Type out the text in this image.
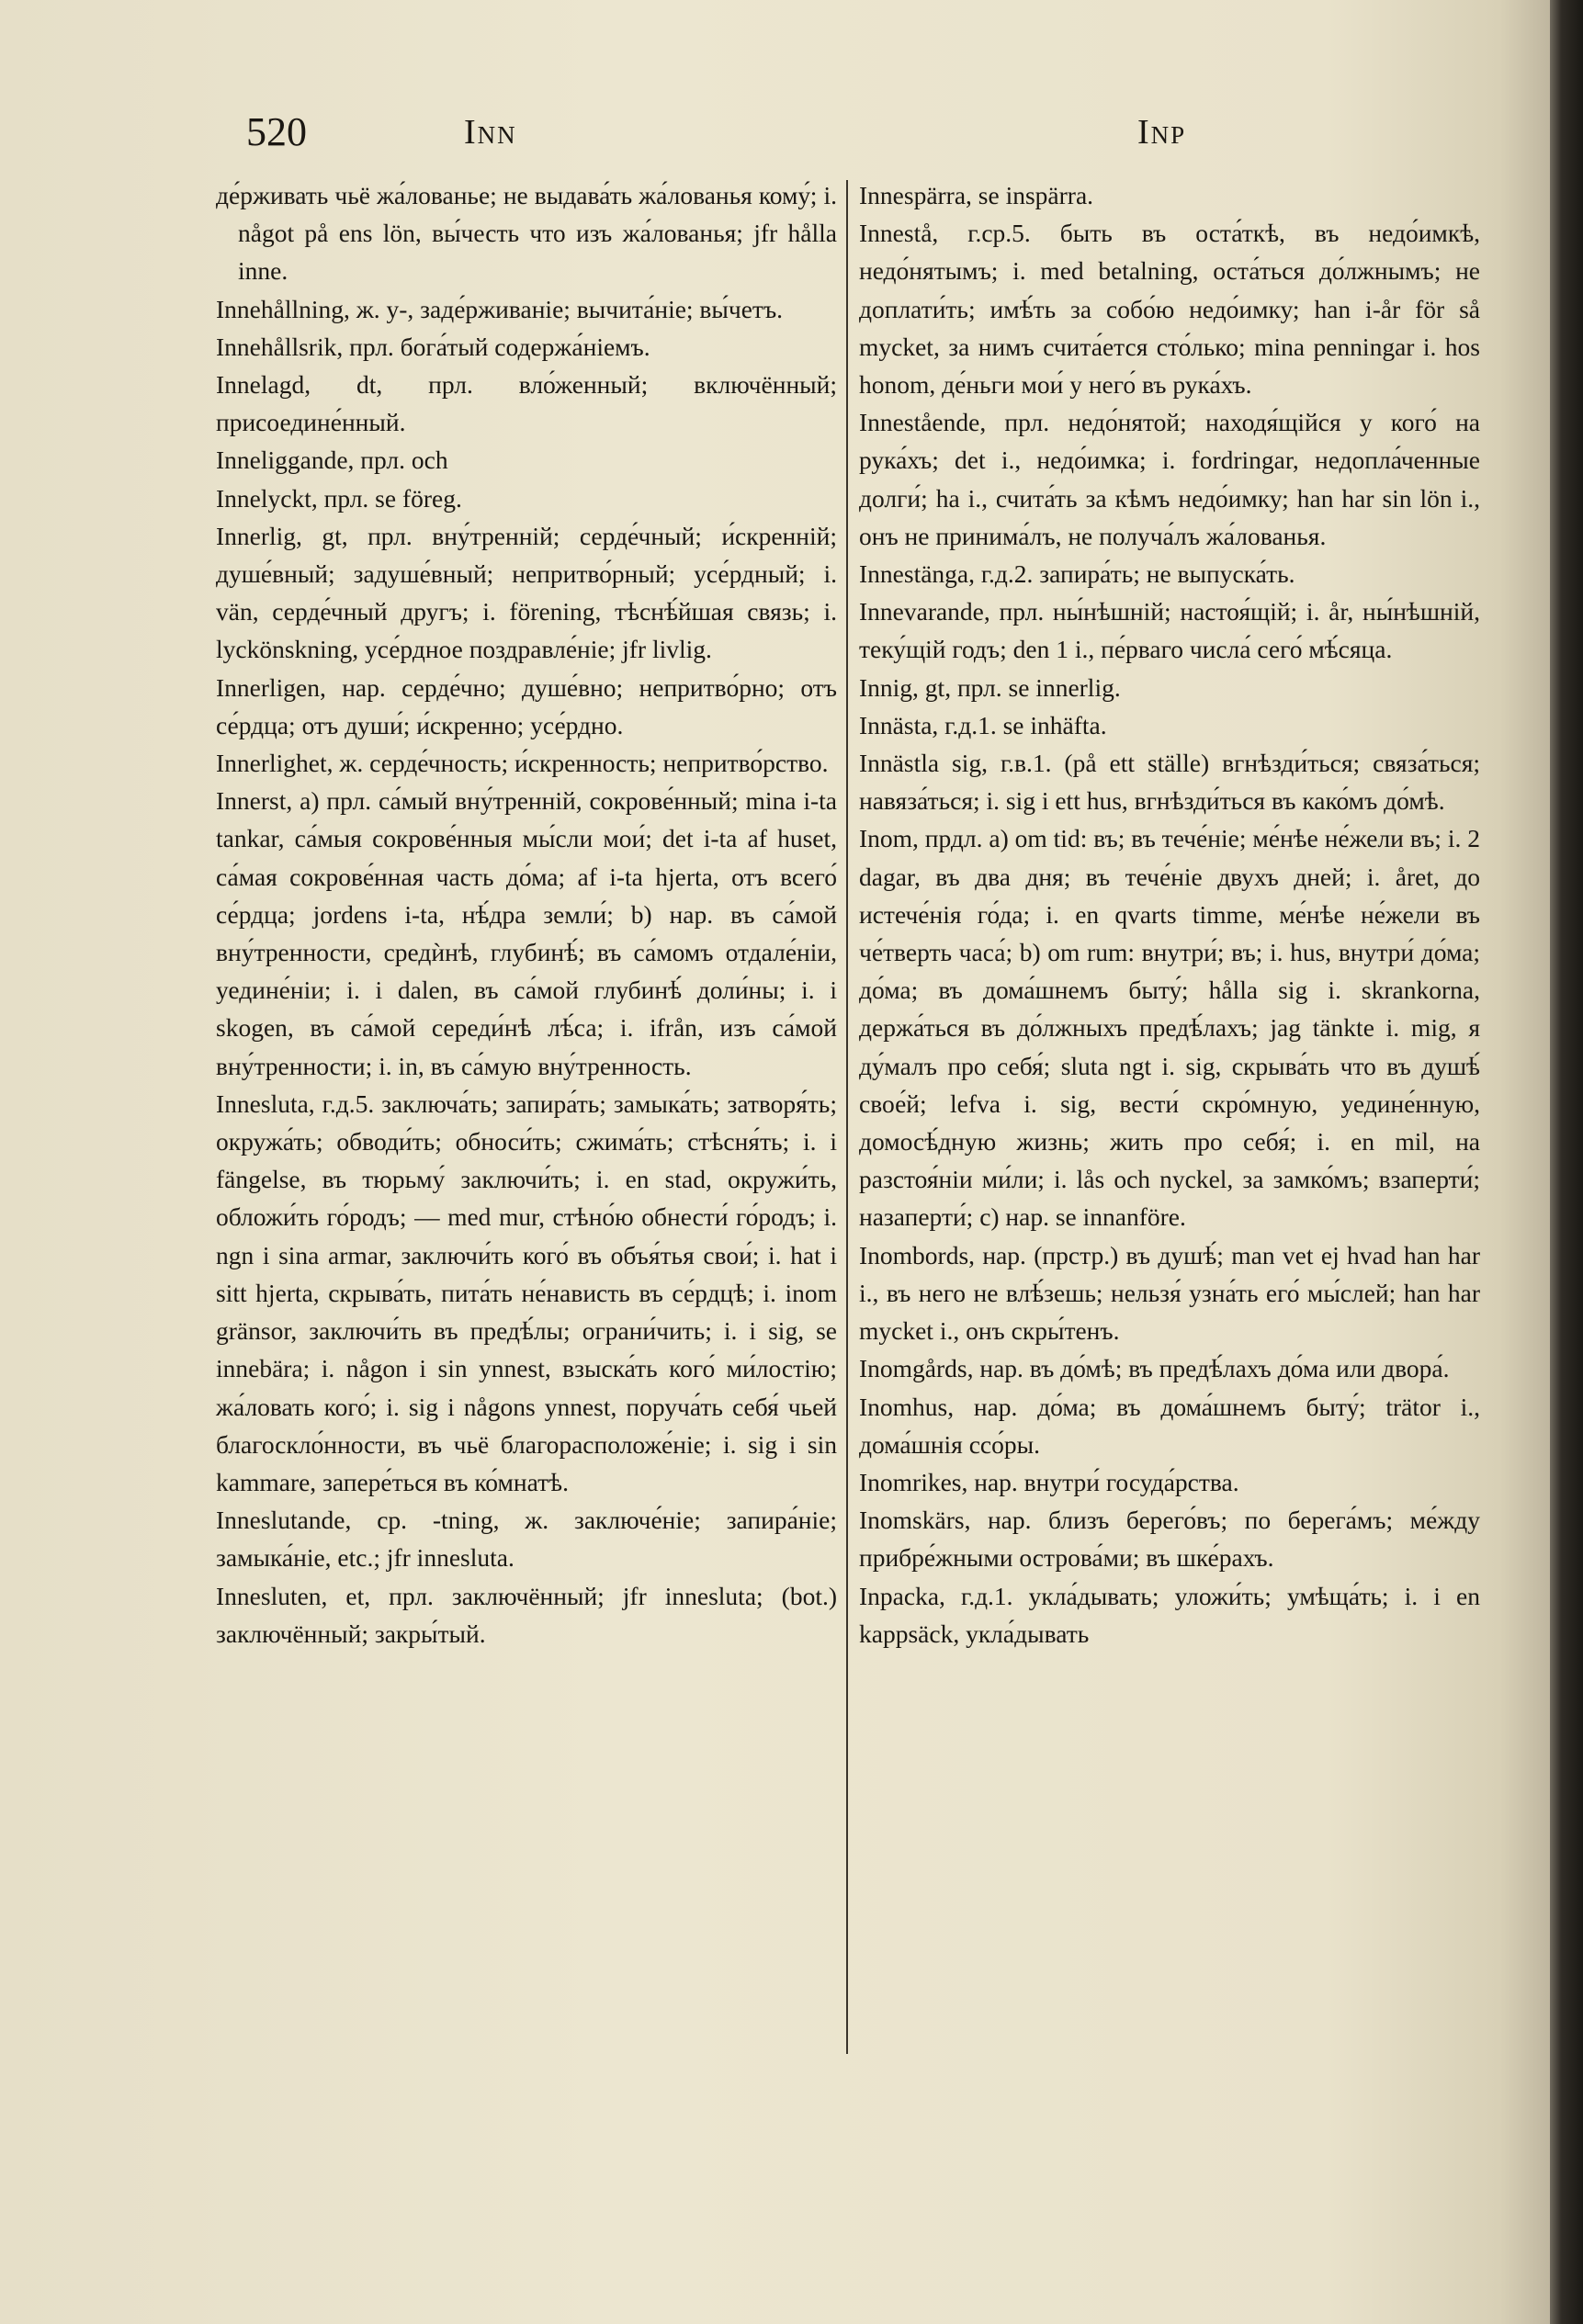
520	Inn	Inp

де́рживать чьё жа́лованье; не выдава́ть жа́лованья кому́; i. något på ens lön, вы́честь что изъ жа́лованья; jfr hålla inne.

Innehållning, ж. у-, заде́рживаніе; вычита́ніе; вы́четъ.

Innehållsrik, прл. бога́тый содержа́ніемъ.

Innelagd, dt, прл. вло́женный; включённый; присоедине́нный.

Inneliggande, прл. och

Innelyckt, прл. se föreg.

Innerlig, gt, прл. вну́тренній; серде́чный; и́скренній; душе́вный; задуше́вный; непритво́рный; усе́рдный; i. vän, серде́чный другъ; i. förening, тѣснѣ́йшая связь; i. lyckönskning, усе́рдное поздравле́ніе; jfr livlig.

Innerligen, нар. серде́чно; душе́вно; непритво́рно; отъ се́рдца; отъ души́; и́скренно; усе́рдно.

Innerlighet, ж. серде́чность; и́скренность; непритво́рство.

Innerst, a) прл. са́мый вну́тренній, сокрове́нный; mina i-ta tankar, са́мыя сокрове́нныя мы́сли мои́; det i-ta af huset, са́мая сокрове́нная часть до́ма; af i-ta hjerta, отъ всего́ се́рдца; jordens i-ta, нѣ́дра земли́; b) нар. въ са́мой вну́тренности, средѝнѣ, глубинѣ́; въ са́момъ отдале́ніи, уедине́ніи; i. i dalen, въ са́мой глубинѣ́ доли́ны; i. i skogen, въ са́мой середи́нѣ лѣ́са; i. ifrån, изъ са́мой вну́тренности; i. in, въ са́мую вну́тренность.

Innesluta, г.д.5. заключа́ть; запира́ть; замыка́ть; затворя́ть; окружа́ть; обводи́ть; обноси́ть; сжима́ть; стѣсня́ть; i. i fängelse, въ тюрьму́ заключи́ть; i. en stad, окружи́ть, обложи́ть го́родъ; — med mur, стѣно́ю обнести́ го́родъ; i. ngn i sina armar, заключи́ть кого́ въ объя́тья свои́; i. hat i sitt hjerta, скрыва́ть, пита́ть не́нависть въ се́рдцѣ; i. inom gränsor, заключи́ть въ предѣ́лы; ограни́чить; i. i sig, se innebära; i. någon i sin ynnest, взыска́ть кого́ ми́лостію; жа́ловать кого́; i. sig i någons ynnest, поруча́ть себя́ чьей благоскло́нности, въ чьё благорасположе́ніе; i. sig i sin kammare, запере́ться въ ко́мнатѣ.

Inneslutande, ср. -tning, ж. заключе́ніе; запира́ніе; замыка́ніе, etc.; jfr innesluta.

Innesluten, et, прл. заключённый; jfr innesluta; (bot.) заключённый; закры́тый.

Innespärra, se inspärra.

Innestå, г.ср.5. быть въ оста́ткѣ, въ недо́имкѣ, недо́нятымъ; i. med betalning, оста́ться до́лжнымъ; не доплати́ть; имѣ́ть за собо́ю недо́имку; han i-år för så mycket, за нимъ счита́ется сто́лько; mina penningar i. hos honom, де́ньги мои́ у него́ въ рука́хъ.

Innestående, прл. недо́нятой; находя́щійся у кого́ на рука́хъ; det i., недо́имка; i. fordringar, недопла́ченные долги́; ha i., счита́ть за кѣмъ недо́имку; han har sin lön i., онъ не принима́лъ, не получа́лъ жа́лованья.

Innestänga, г.д.2. запира́ть; не выпуска́ть.

Innevarande, прл. ны́нѣшній; настоя́щій; i. år, ны́нѣшній, теку́щій годъ; den 1 i., пе́рваго числа́ сего́ мѣ́сяца.

Innig, gt, прл. se innerlig.

Innästa, г.д.1. se inhäfta.

Innästla sig, г.в.1. (på ett ställe) вгнѣзди́ться; связа́ться; навяза́ться; i. sig i ett hus, вгнѣзди́ться въ како́мъ до́мѣ.

Inom, прдл. a) om tid: въ; въ тече́ніе; ме́нѣе не́жели въ; i. 2 dagar, въ два дня; въ тече́ніе двухъ дней; i. året, до истече́нія го́да; i. en qvarts timme, ме́нѣе не́жели въ че́тверть часа́; b) om rum: внутри́; въ; i. hus, внутри́ до́ма; до́ма; въ дома́шнемъ быту́; hålla sig i. skrankorna, держа́ться въ до́лжныхъ предѣ́лахъ; jag tänkte i. mig, я ду́малъ про себя́; sluta ngt i. sig, скрыва́ть что въ душѣ́ свое́й; lefva i. sig, вести́ скро́мную, уедине́нную, домосѣ́дную жизнь; жить про себя́; i. en mil, на разстоя́ніи ми́ли; i. lås och nyckel, за замко́мъ; взаперти́; назаперти́; c) нар. se innanföre.

Inombords, нар. (прстр.) въ душѣ́; man vet ej hvad han har i., въ него не влѣ́зешь; нельзя́ узна́ть его́ мы́слей; han har mycket i., онъ скры́тенъ.

Inomgårds, нар. въ до́мѣ; въ предѣ́лахъ до́ма или двора́.

Inomhus, нар. до́ма; въ дома́шнемъ быту́; trätor i., дома́шнія ссо́ры.

Inomrikes, нар. внутри́ госуда́рства.

Inomskärs, нар. близъ берего́въ; по берега́мъ; ме́жду прибре́жными острова́ми; въ шке́рахъ.

Inpacka, г.д.1. укла́дывать; уложи́ть; умѣща́ть; i. i en kappsäck, укла́дывать
